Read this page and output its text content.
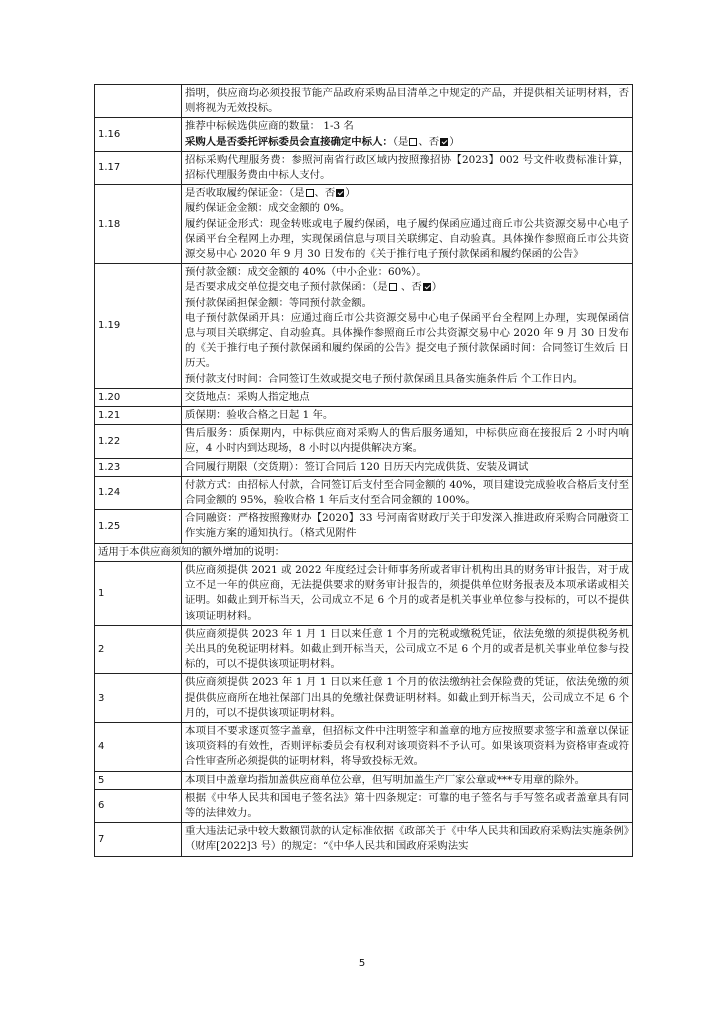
	指明，供应商均必须投报节能产品政府采购品目清单之中规定的产品，并提供相关证明材料，否则将视为无效投标。

1.16	推荐中标候选供应商的数量： 1-3 名
采购人是否委托评标委员会直接确定中标人：（是 、否 ）

1.17	招标采购代理服务费：参照河南省行政区域内按照豫招协【2023】002 号文件收费标准计算，招标代理服务费由中标人支付。

1.18	是否收取履约保证金：（是 、否 ）
履约保证金金额：成交金额的 0%。
履约保证金形式：现金转账或电子履约保函，电子履约保函应通过商丘市公共资源交易中心电子保函平台全程网上办理，实现保函信息与项目关联绑定、自动验真。具体操作参照商丘市公共资源交易中心 2020 年 9 月 30 日发布的《关于推行电子预付款保函和履约保函的公告》

1.19	预付款金额：成交金额的 40%（中小企业：60%）。
是否要求成交单位提交电子预付款保函：（是 、否 ）
预付款保函担保金额：等同预付款金额。
电子预付款保函开具：应通过商丘市公共资源交易中心电子保函平台全程网上办理，实现保函信息与项目关联绑定、自动验真。具体操作参照商丘市公共资源交易中心 2020 年 9 月 30 日发布的《关于推行电子预付款保函和履约保函的公告》提交电子预付款保函时间：合同签订生效后 日历天。
预付款支付时间：合同签订生效或提交电子预付款保函且具备实施条件后 个工作日内。

1.20	交货地点：采购人指定地点

1.21	质保期：验收合格之日起 1 年。

1.22	售后服务：质保期内，中标供应商对采购人的售后服务通知，中标供应商在接报后 2 小时内响应，4 小时内到达现场，8 小时以内提供解决方案。

1.23	合同履行期限（交货期）：签订合同后 120 日历天内完成供货、安装及调试

1.24	付款方式：由招标人付款，合同签订后支付至合同金额的 40%，项目建设完成验收合格后支付至合同金额的 95%，验收合格 1 年后支付至合同金额的 100%。

1.25	合同融资：严格按照豫财办【2020】33 号河南省财政厅关于印发深入推进政府采购合同融资工作实施方案的通知执行。（格式见附件

适用于本供应商须知的额外增加的说明：	
1	供应商须提供 2021 或 2022 年度经过会计师事务所或者审计机构出具的财务审计报告，对于成立不足一年的供应商，无法提供要求的财务审计报告的，须提供单位财务报表及本项承诺或相关证明。如截止到开标当天，公司成立不足 6 个月的或者是机关事业单位参与投标的，可以不提供该项证明材料。
2	供应商须提供 2023 年 1 月 1 日以来任意 1 个月的完税或缴税凭证，依法免缴的须提供税务机关出具的免税证明材料。如截止到开标当天，公司成立不足 6 个月的或者是机关事业单位参与投标的，可以不提供该项证明材料。
3	供应商须提供 2023 年 1 月 1 日以来任意 1 个月的依法缴纳社会保险费的凭证，依法免缴的须提供供应商所在地社保部门出具的免缴社保费证明材料。如截止到开标当天，公司成立不足 6 个月的，可以不提供该项证明材料。
4	本项目不要求逐页签字盖章，但招标文件中注明签字和盖章的地方应按照要求签字和盖章以保证该项资料的有效性，否则评标委员会有权利对该项资料不予认可。如果该项资料为资格审查或符合性审查所必须提供的证明材料，将导致投标无效。
5	本项目中盖章均指加盖供应商单位公章，但写明加盖生产厂家公章或***专用章的除外。
6	根据《中华人民共和国电子签名法》第十四条规定：可靠的电子签名与手写签名或者盖章具有同等的法律效力。
7	重大违法记录中较大数额罚款的认定标准依据《政部关于《中华人民共和国政府采购法实施条例》（财库[2022]3 号）的规定：“《中华人民共和国政府采购法实
5
